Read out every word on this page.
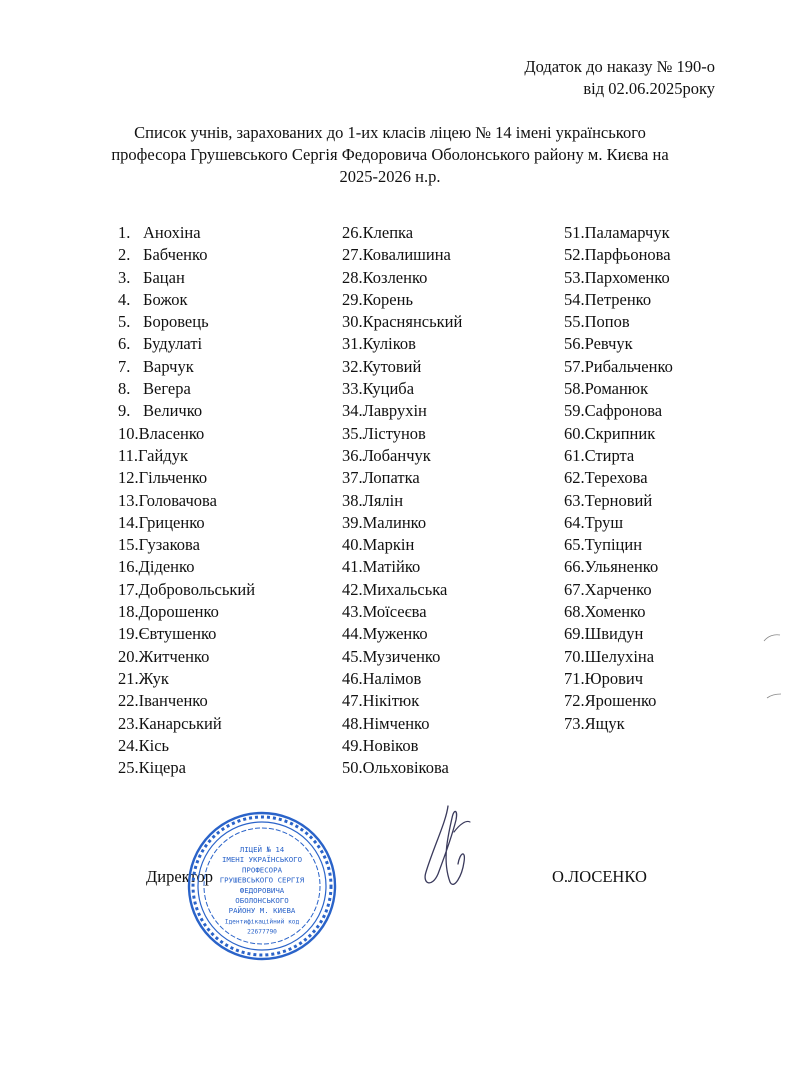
Додаток до наказу № 190-о
від 02.06.2025року
Список учнів, зарахованих до 1-их класів ліцею № 14 імені українського
професора Грушевського Сергія Федоровича Оболонського району м. Києва на
2025-2026 н.р.
1. Анохіна
2. Бабченко
3. Бацан
4. Божок
5. Боровець
6. Будулаті
7. Варчук
8. Вегера
9. Величко
10.Власенко
11.Гайдук
12.Гільченко
13.Головачова
14.Гриценко
15.Гузакова
16.Діденко
17.Добровольський
18.Дорошенко
19.Євтушенко
20.Житченко
21.Жук
22.Іванченко
23.Канарський
24.Кісь
25.Кіцера
26.Клепка
27.Ковалишина
28.Козленко
29.Корень
30.Краснянський
31.Куліков
32.Кутовий
33.Куциба
34.Лаврухін
35.Лістунов
36.Лобанчук
37.Лопатка
38.Лялін
39.Малинко
40.Маркін
41.Матійко
42.Михальська
43.Моїсеєва
44.Муженко
45.Музиченко
46.Налімов
47.Нікітюк
48.Німченко
49.Новіков
50.Ольховікова
51.Паламарчук
52.Парфьонова
53.Пархоменко
54.Петренко
55.Попов
56.Ревчук
57.Рибальченко
58.Романюк
59.Сафронова
60.Скрипник
61.Стирта
62.Терехова
63.Терновий
64.Труш
65.Тупіцин
66.Ульяненко
67.Харченко
68.Хоменко
69.Швидун
70.Шелухіна
71.Юрович
72.Ярошенко
73.Ящук
Директор
ЛІЦЕЙ № 14
ІМЕНІ УКРАЇНСЬКОГО
ПРОФЕСОРА
ГРУШЕВСЬКОГО СЕРГІЯ
ФЕДОРОВИЧА
ОБОЛОНСЬКОГО
РАЙОНУ М. КИЄВА
Ідентифікаційний код
22677790
О.ЛОСЕНКО
